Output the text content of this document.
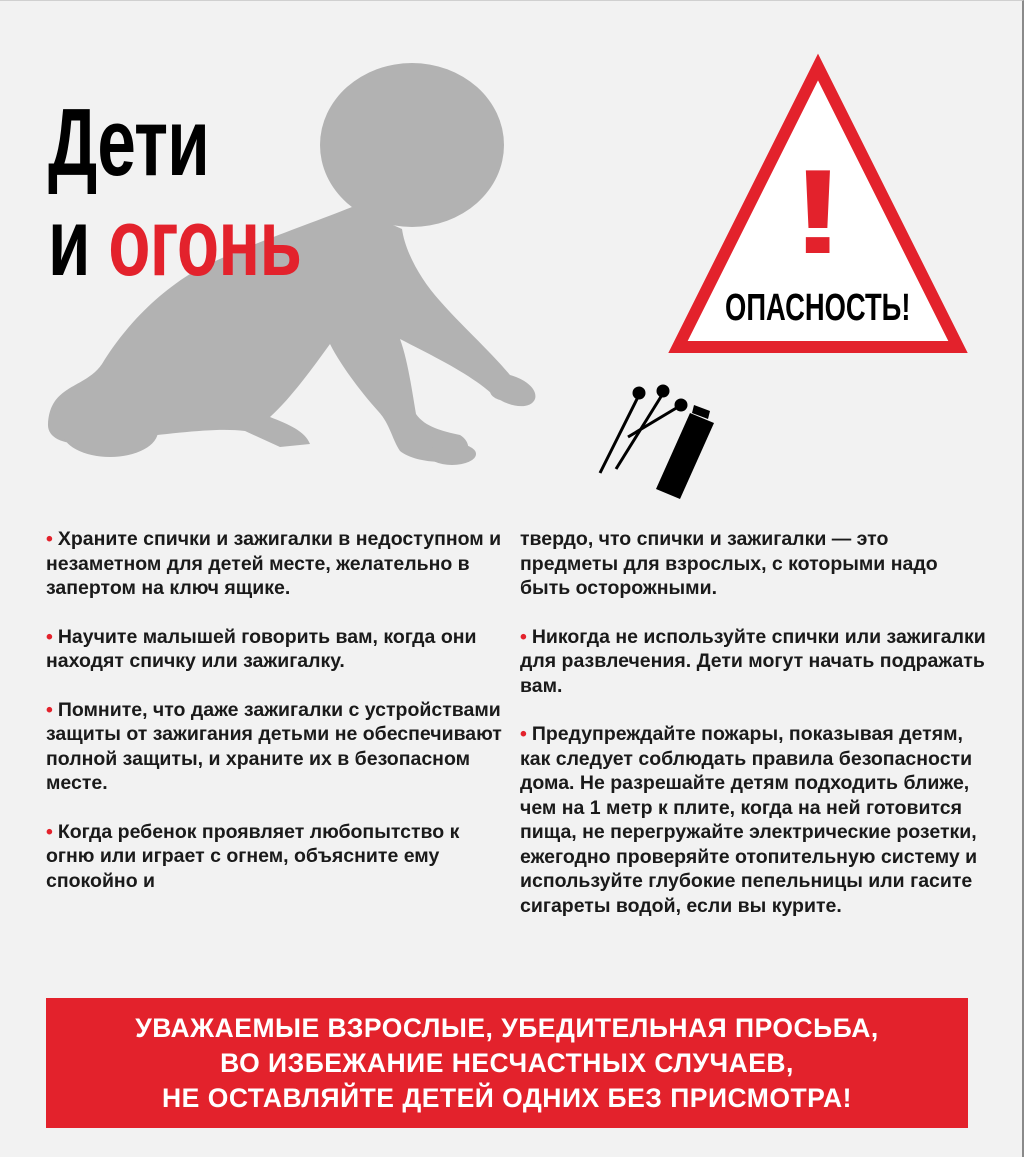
Дети
и огонь	!
ОПАСНОСТЬ!

• Храните спички и зажигалки в недоступном и незаметном для детей месте, желательно в запертом на ключ ящике.

• Научите малышей говорить вам, когда они находят спичку или зажигалку.

• Помните, что даже зажигалки с устройствами защиты от зажигания детьми не обеспечивают полной защиты, и храните их в безопасном месте.

• Когда ребенок проявляет любопытство к огню или играет с огнем, объясните ему спокойно и

твердо, что спички и зажигалки — это предметы для взрослых, с которыми надо быть осторожными.

• Никогда не используйте спички или зажигалки для развлечения. Дети могут начать подражать вам.

• Предупреждайте пожары, показывая детям, как следует соблюдать правила безопасности дома. Не разрешайте детям подходить ближе, чем на 1 метр к плите, когда на ней готовится пища, не перегружайте электрические розетки, ежегодно проверяйте отопительную систему и используйте глубокие пепельницы или гасите сигареты водой, если вы курите.

УВАЖАЕМЫЕ ВЗРОСЛЫЕ, УБЕДИТЕЛЬНАЯ ПРОСЬБА,
ВО ИЗБЕЖАНИЕ НЕСЧАСТНЫХ СЛУЧАЕВ,
НЕ ОСТАВЛЯЙТЕ ДЕТЕЙ ОДНИХ БЕЗ ПРИСМОТРА!
